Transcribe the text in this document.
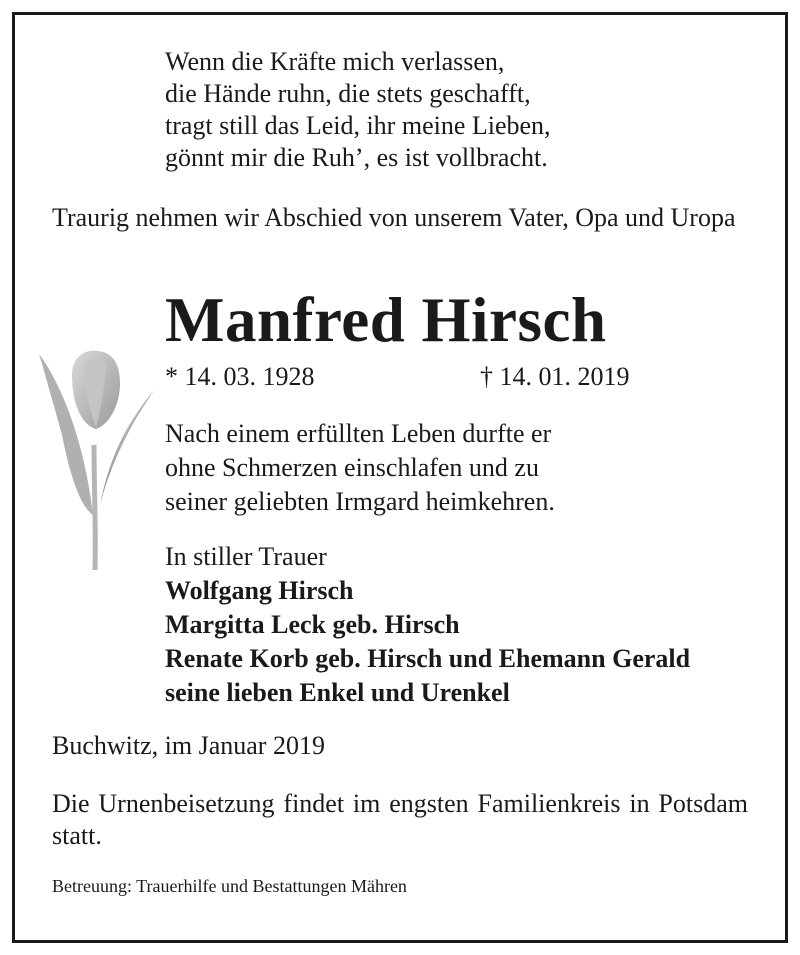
Wenn die Kräfte mich verlassen,
die Hände ruhn, die stets geschafft,
tragt still das Leid, ihr meine Lieben,
gönnt mir die Ruh’, es ist vollbracht.
Traurig nehmen wir Abschied von unserem Vater, Opa und Uropa
Manfred Hirsch
* 14. 03. 1928	† 14. 01. 2019
Nach einem erfüllten Leben durfte er
ohne Schmerzen einschlafen und zu
seiner geliebten Irmgard heimkehren.
In stiller Trauer
Wolfgang Hirsch
Margitta Leck geb. Hirsch
Renate Korb geb. Hirsch und Ehemann Gerald
seine lieben Enkel und Urenkel
Buchwitz, im Januar 2019
Die Urnenbeisetzung findet im engsten Familienkreis in Potsdam statt.
Betreuung: Trauerhilfe und Bestattungen Mähren
